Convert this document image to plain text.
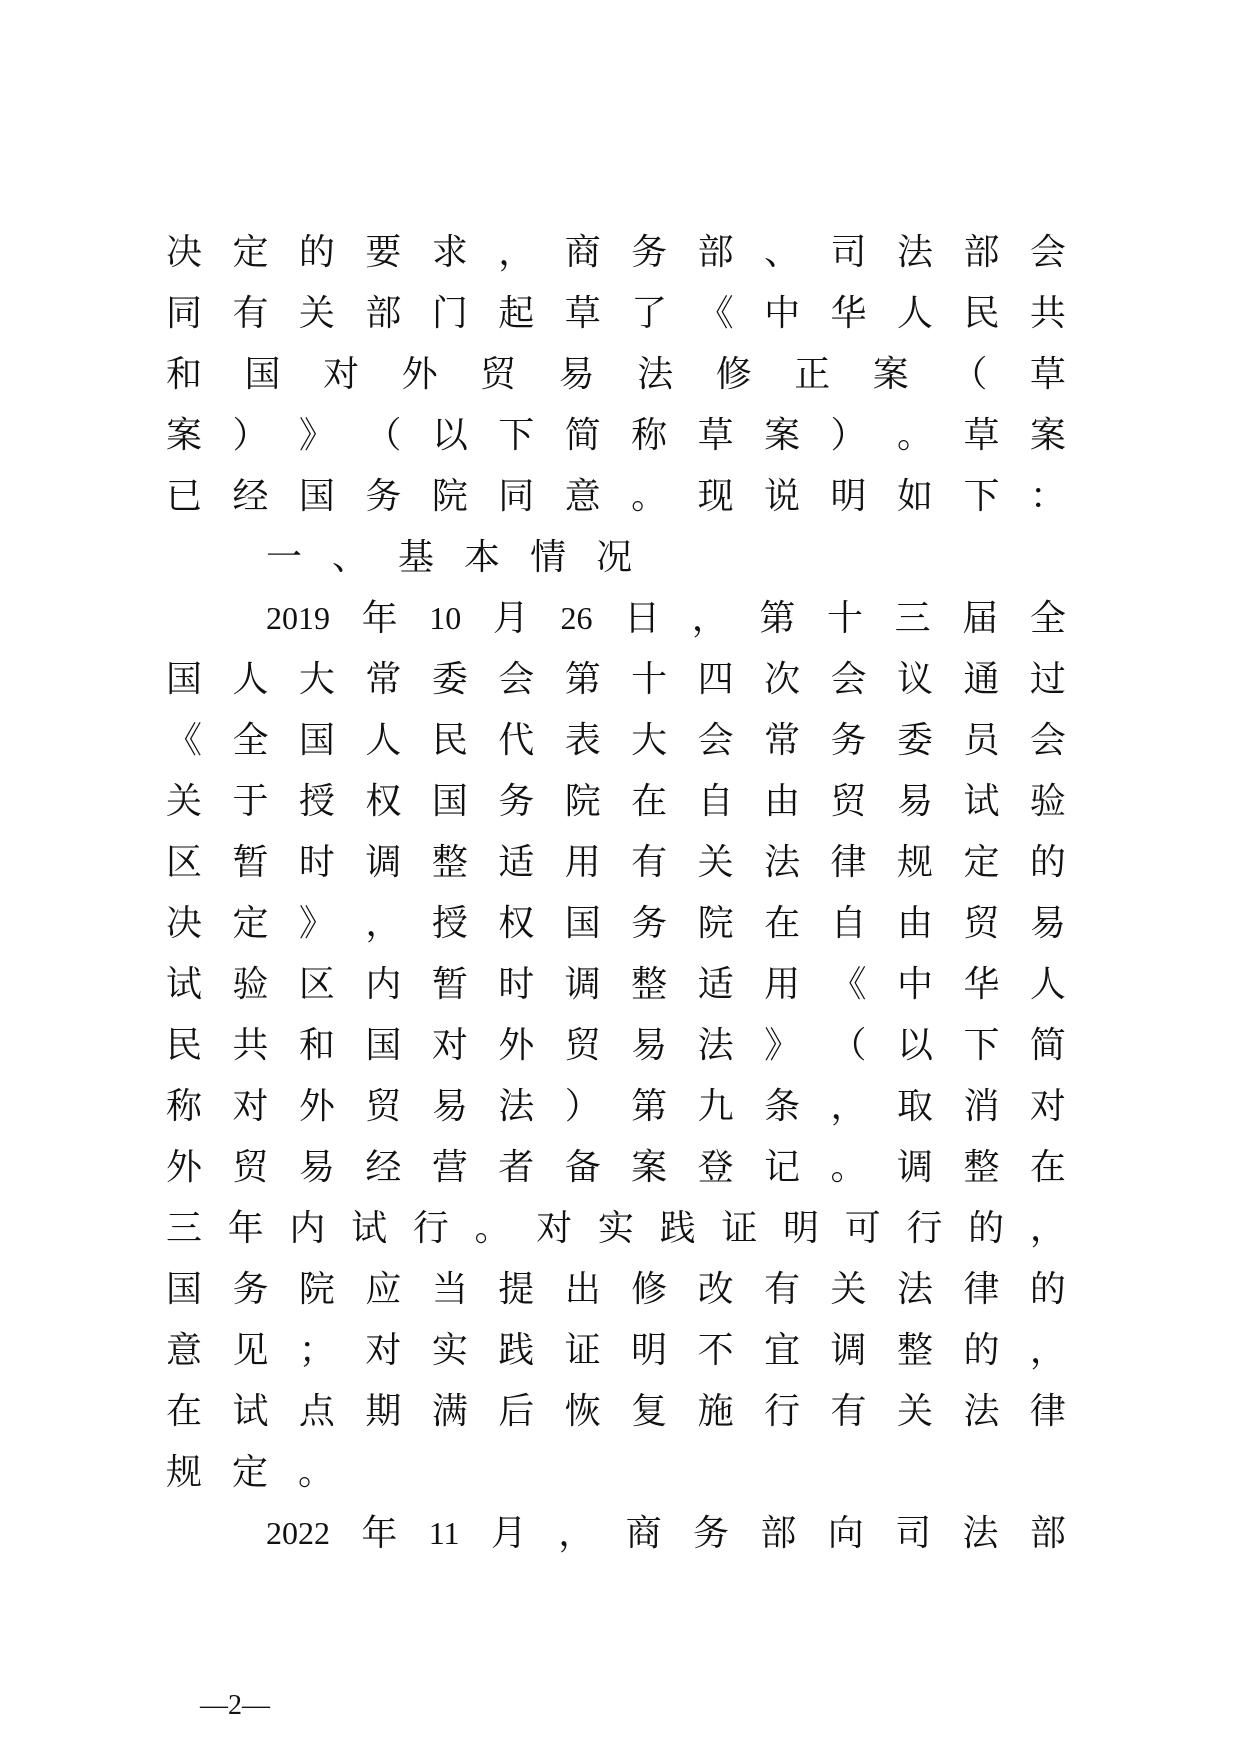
决 定 的 要 求 ， 商 务 部 、 司 法 部 会
同 有 关 部 门 起 草 了 《 中 华 人 民 共
和 国 对 外 贸 易 法 修 正 案 （ 草
案 ） 》 （ 以 下 简 称 草 案 ） 。 草 案
已 经 国 务 院 同 意 。 现 说 明 如 下 ：
一 、 基 本 情 况
2019 年 10 月 26 日 ， 第 十 三 届 全
国 人 大 常 委 会 第 十 四 次 会 议 通 过
《 全 国 人 民 代 表 大 会 常 务 委 员 会
关 于 授 权 国 务 院 在 自 由 贸 易 试 验
区 暂 时 调 整 适 用 有 关 法 律 规 定 的
决 定 》 ， 授 权 国 务 院 在 自 由 贸 易
试 验 区 内 暂 时 调 整 适 用 《 中 华 人
民 共 和 国 对 外 贸 易 法 》 （ 以 下 简
称 对 外 贸 易 法 ） 第 九 条 ， 取 消 对
外 贸 易 经 营 者 备 案 登 记 。 调 整 在
三 年 内 试 行 。 对 实 践 证 明 可 行 的 ，
国 务 院 应 当 提 出 修 改 有 关 法 律 的
意 见 ； 对 实 践 证 明 不 宜 调 整 的 ，
在 试 点 期 满 后 恢 复 施 行 有 关 法 律
规 定 。
2022 年 11 月 ， 商 务 部 向 司 法 部
—2—
